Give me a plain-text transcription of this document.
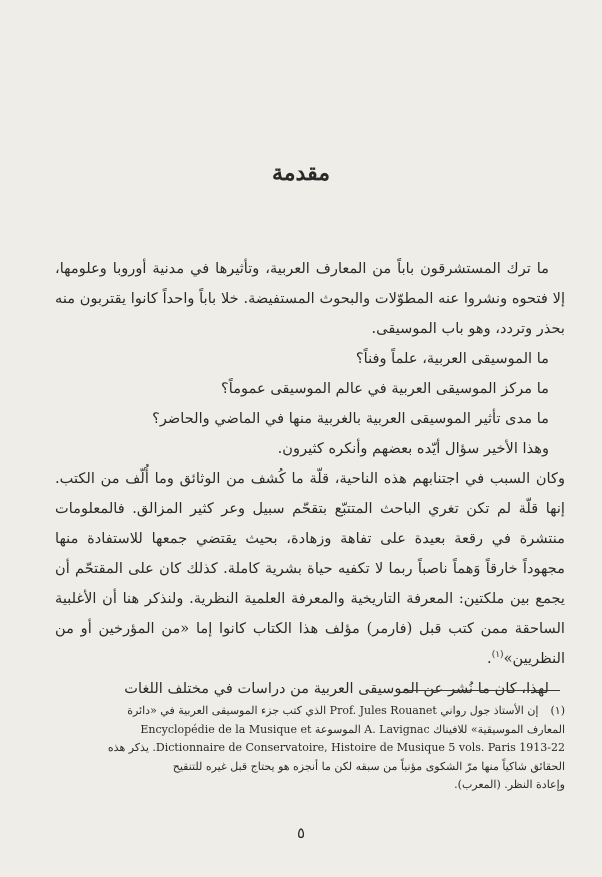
مقدمة

ما ترك المستشرقون باباً من المعارف العربية، وتأثيرها في مدنية أوروبا وعلومها، إلا فتحوه ونشروا عنه المطوّلات والبحوث المستفيضة. خلا باباً واحداً كانوا يقتربون منه بحذر وتردد، وهو باب الموسيقى.

ما الموسيقى العربية، علماً وفناً؟

ما مركز الموسيقى العربية في عالم الموسيقى عموماً؟

ما مدى تأثير الموسيقى العربية بالغربية منها في الماضي والحاضر؟

وهذا الأخير سؤال أيّده بعضهم وأنكره كثيرون.

وكان السبب في اجتنابهم هذه الناحية، قلّة ما كُشف من الوثائق وما أُلّف من الكتب. إنها قلّة لم تكن تغري الباحث المتتبّع بتقحّم سبيل وعر كثير المزالق. فالمعلومات منتشرة في رقعة بعيدة على تفاهة وزهادة، بحيث يقتضي جمعها للاستفادة منها مجهوداً خارقاً وَهماً ناصباً ربما لا تكفيه حياة بشرية كاملة. كذلك كان على المقتحّم أن يجمع بين ملكتين: المعرفة التاريخية والمعرفة العلمية النظرية. ولنذكر هنا أن الأغلبية الساحقة ممن كتب قبل (فارمر) مؤلف هذا الكتاب كانوا إما «من المؤرخين أو من النظريين»$^{(١)}$.

لهذا، كان ما نُشر عن الموسيقى العربية من دراسات في مختلف اللغات

(١)إن الأستاذ جول رواني Prof. Jules Rouanet الذي كتب جزء الموسيقى العربية في «دائرة

المعارف الموسيقية» للافيناك A. Lavignac الموسوعة Encyclopédie de la Musique et

Dictionnaire de Conservatoire, Histoire de Musique 5 vols. Paris 1913-22. يذكر هذه

الحقائق شاكياً منها مرّ الشكوى مؤنباً من سبقه لكن ما أنجزه هو يحتاج قبل غيره للتنقيح

وإعادة النظر. (المعرب).

٥
